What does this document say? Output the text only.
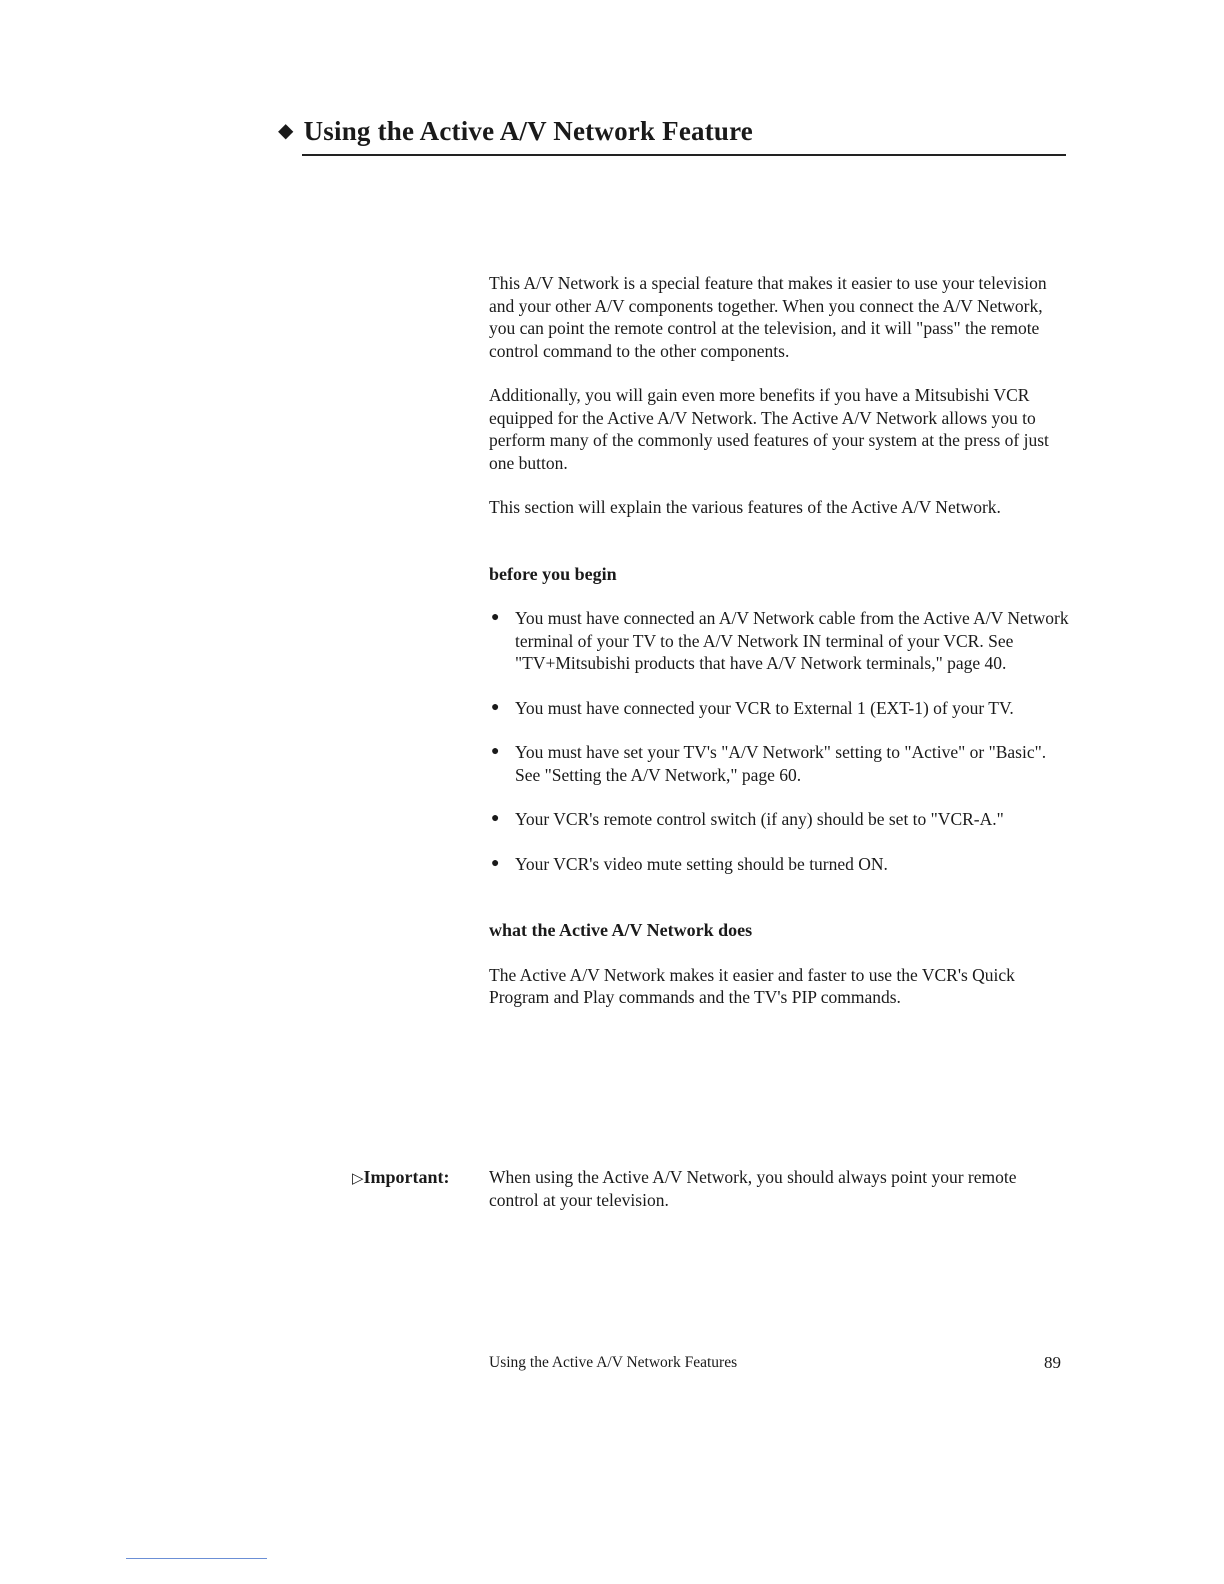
◆ Using the Active A/V Network Feature

This A/V Network is a special feature that makes it easier to use your television and your other A/V components together. When you connect the A/V Network, you can point the remote control at the television, and it will "pass" the remote control command to the other components.

Additionally, you will gain even more benefits if you have a Mitsubishi VCR equipped for the Active A/V Network. The Active A/V Network allows you to perform many of the commonly used features of your system at the press of just one button.

This section will explain the various features of the Active A/V Network.

before you begin
● You must have connected an A/V Network cable from the Active A/V Network terminal of your TV to the A/V Network IN terminal of your VCR. See "TV+Mitsubishi products that have A/V Network terminals," page 40.
● You must have connected your VCR to External 1 (EXT-1) of your TV.
● You must have set your TV's "A/V Network" setting to "Active" or "Basic". See "Setting the A/V Network," page 60.
● Your VCR's remote control switch (if any) should be set to "VCR-A."
● Your VCR's video mute setting should be turned ON.
what the Active A/V Network does

The Active A/V Network makes it easier and faster to use the VCR's Quick Program and Play commands and the TV's PIP commands.

▷Important:	When using the Active A/V Network, you should always point your remote control at your television.
Using the Active A/V Network Features	89
